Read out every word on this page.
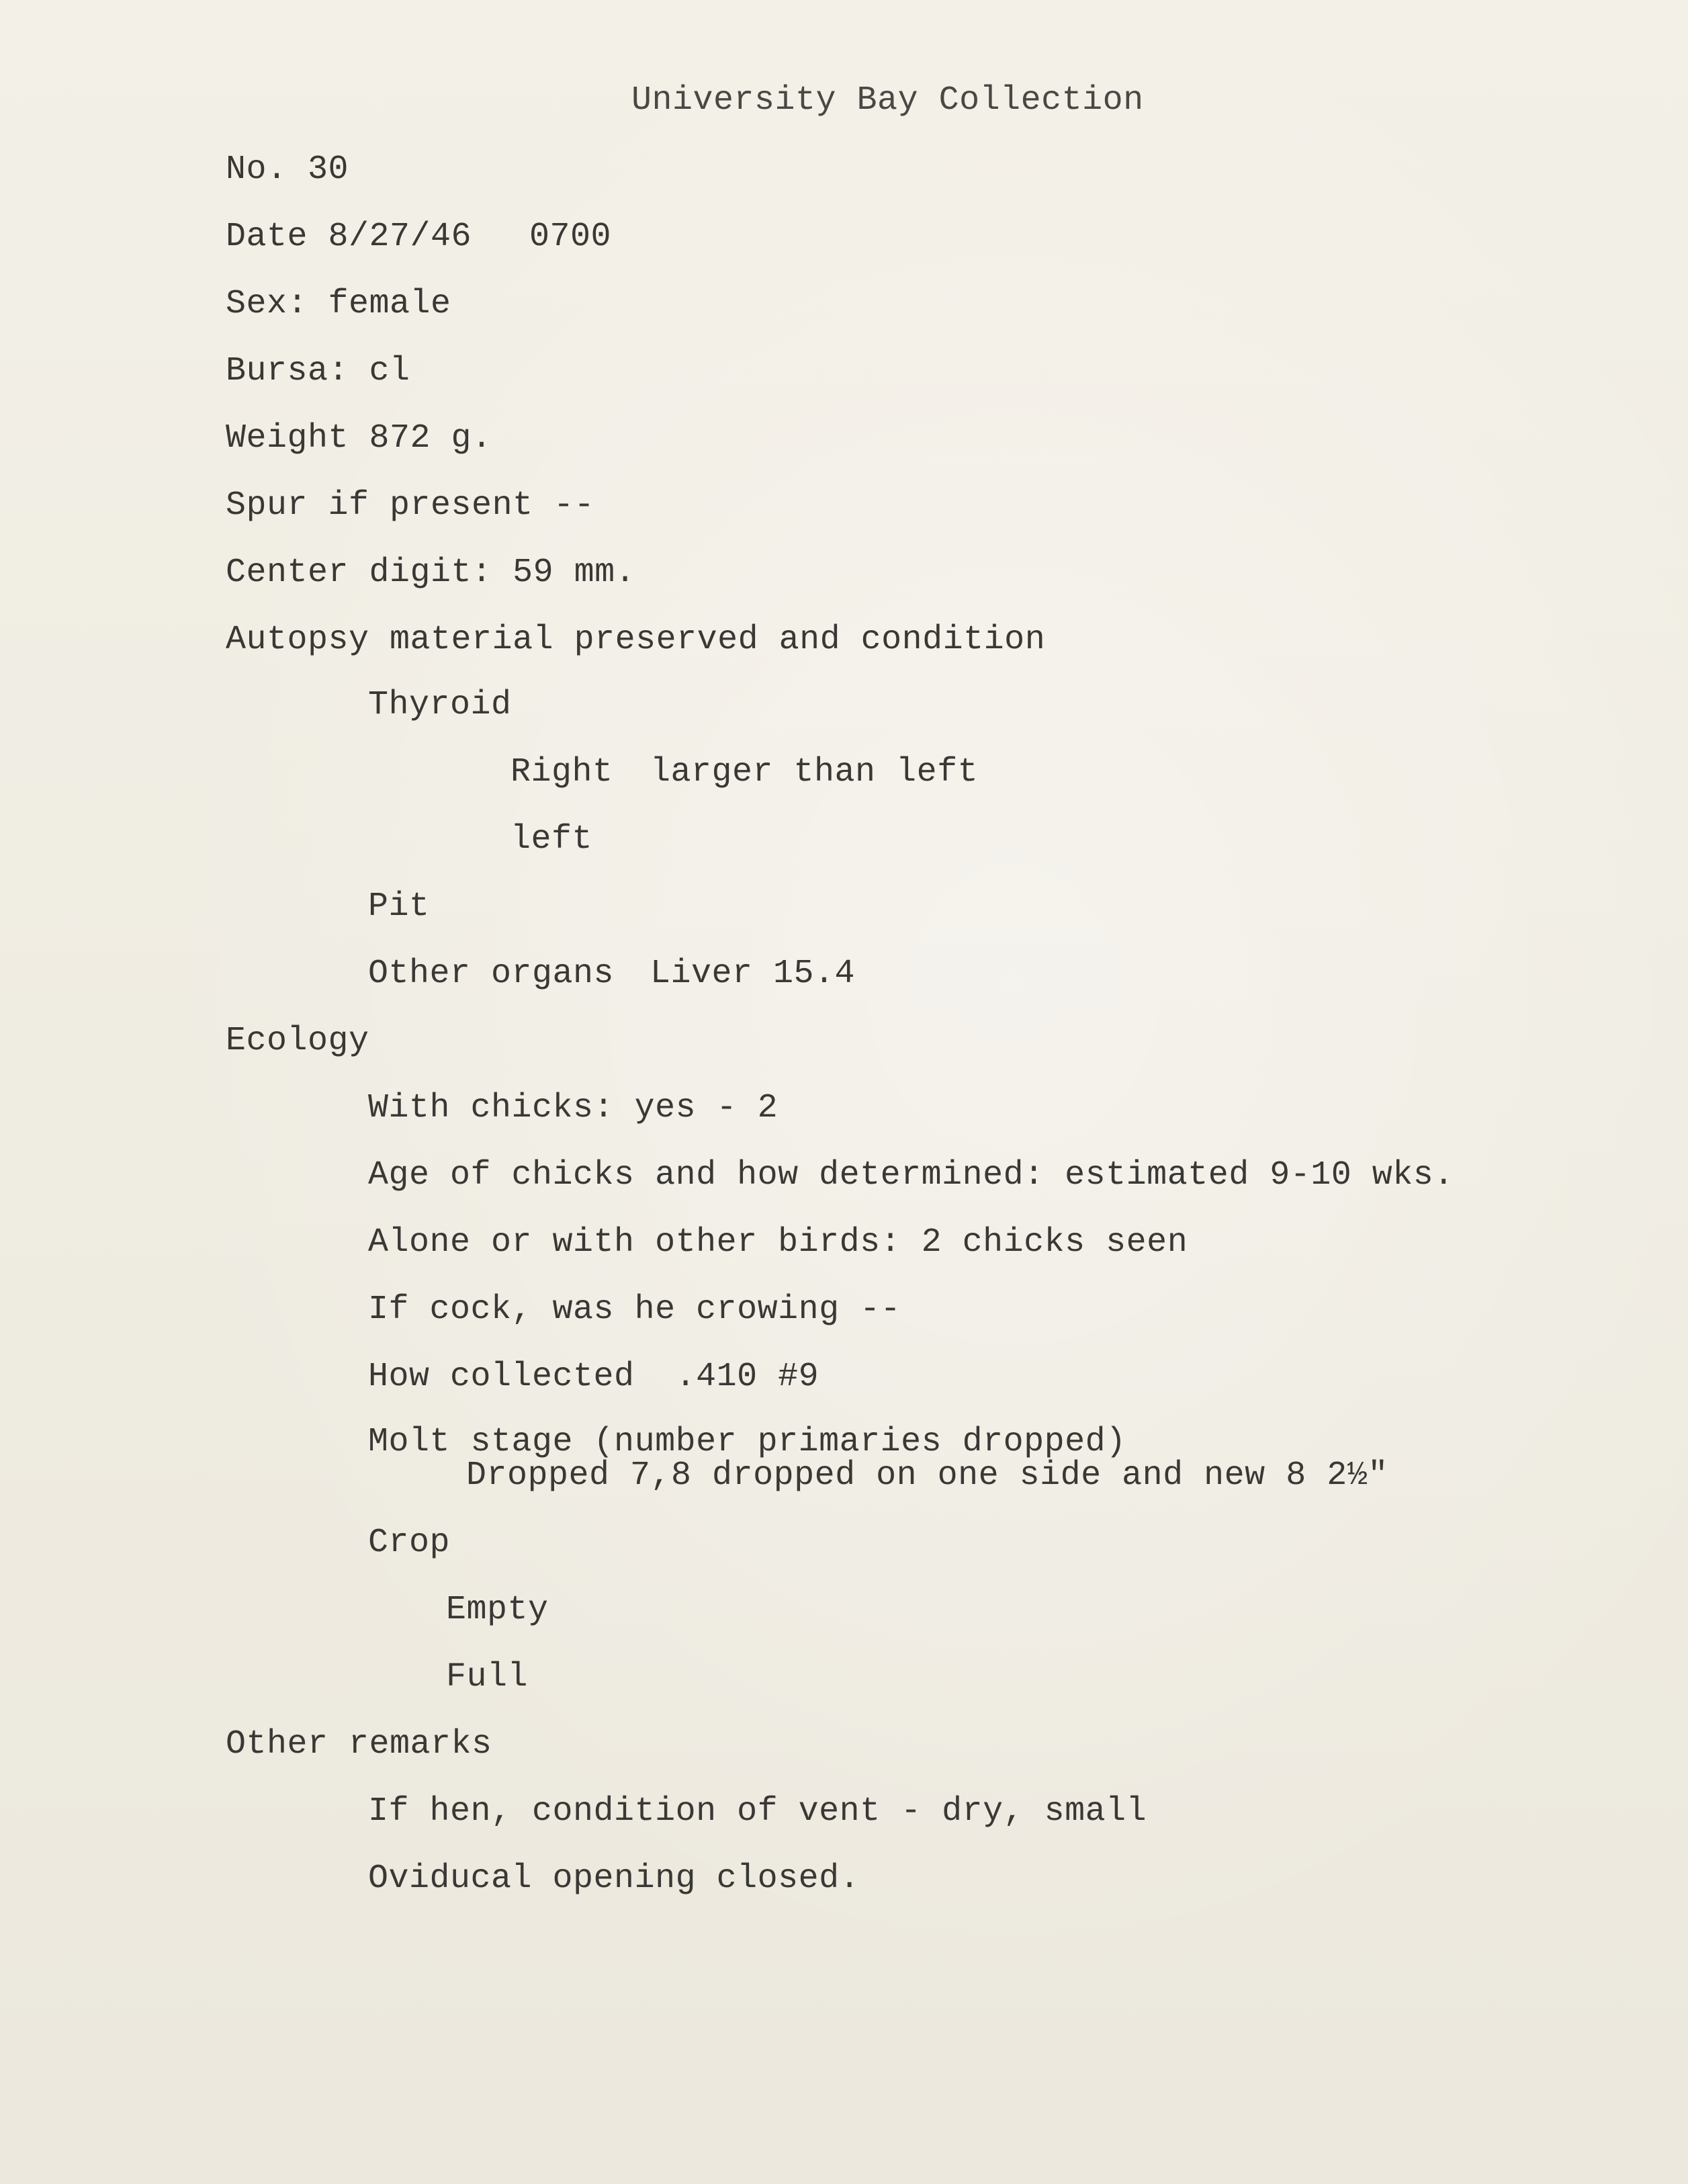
University Bay Collection
No. 30
Date 8/27/46 0700
Sex: female
Bursa: cl
Weight 872 g.
Spur if present --
Center digit: 59 mm.
Autopsy material preserved and condition
Thyroid
Right larger than left
left
Pit
Other organs Liver 15.4
Ecology
With chicks: yes - 2
Age of chicks and how determined: estimated 9-10 wks.
Alone or with other birds: 2 chicks seen
If cock, was he crowing --
How collected  .410 #9
Molt stage (number primaries dropped)
Dropped 7,8 dropped on one side and new 8 2½"
Crop
Empty
Full
Other remarks
If hen, condition of vent - dry, small
Oviducal opening closed.
